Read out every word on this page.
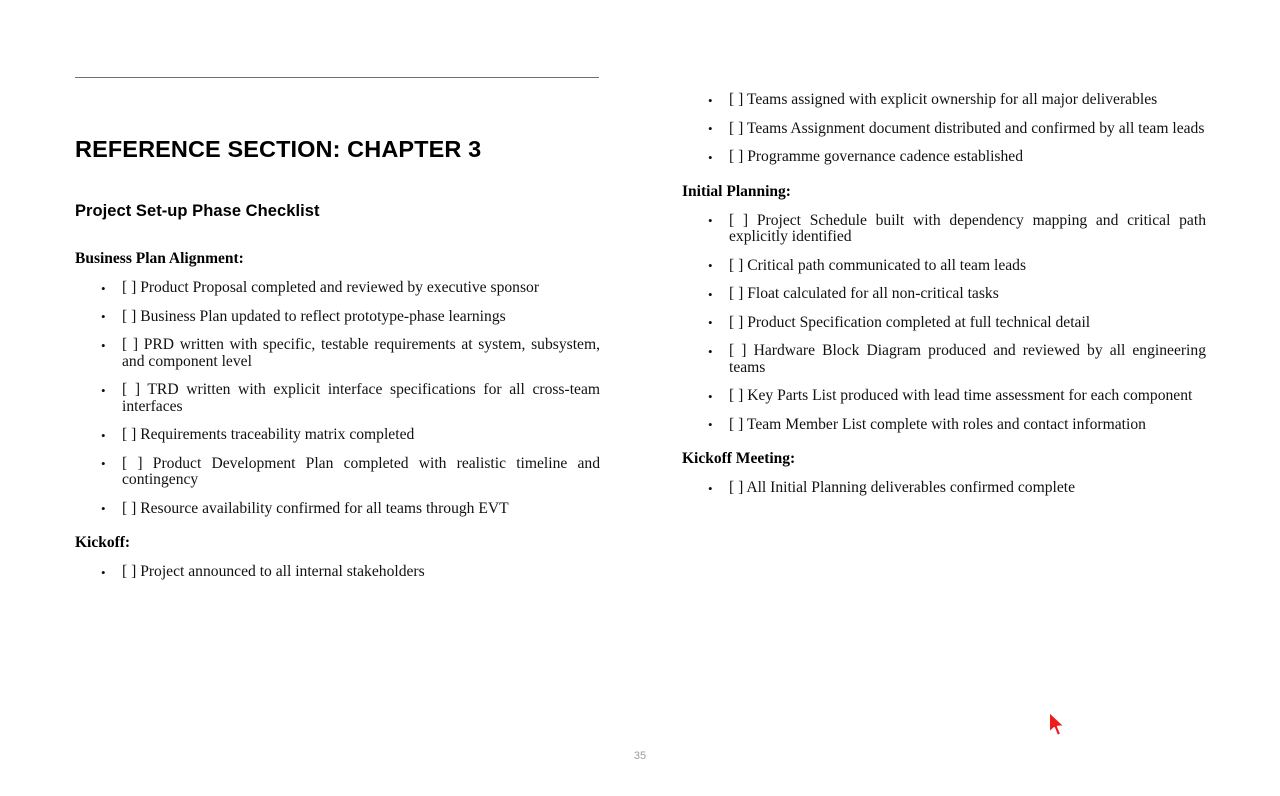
REFERENCE SECTION: CHAPTER 3
Project Set-up Phase Checklist
Business Plan Alignment:
• [ ] Product Proposal completed and reviewed by executive sponsor
• [ ] Business Plan updated to reflect prototype-phase learnings
• [ ] PRD written with specific, testable requirements at system, subsystem, and component level
• [ ] TRD written with explicit interface specifications for all cross-team interfaces
• [ ] Requirements traceability matrix completed
• [ ] Product Development Plan completed with realistic timeline and contingency
• [ ] Resource availability confirmed for all teams through EVT
Kickoff:
• [ ] Project announced to all internal stakeholders
• [ ] Teams assigned with explicit ownership for all major deliverables
• [ ] Teams Assignment document distributed and confirmed by all team leads
• [ ] Programme governance cadence established
Initial Planning:
• [ ] Project Schedule built with dependency mapping and critical path explicitly identified
• [ ] Critical path communicated to all team leads
• [ ] Float calculated for all non-critical tasks
• [ ] Product Specification completed at full technical detail
• [ ] Hardware Block Diagram produced and reviewed by all engineering teams
• [ ] Key Parts List produced with lead time assessment for each component
• [ ] Team Member List complete with roles and contact information
Kickoff Meeting:
• [ ] All Initial Planning deliverables confirmed complete
35
